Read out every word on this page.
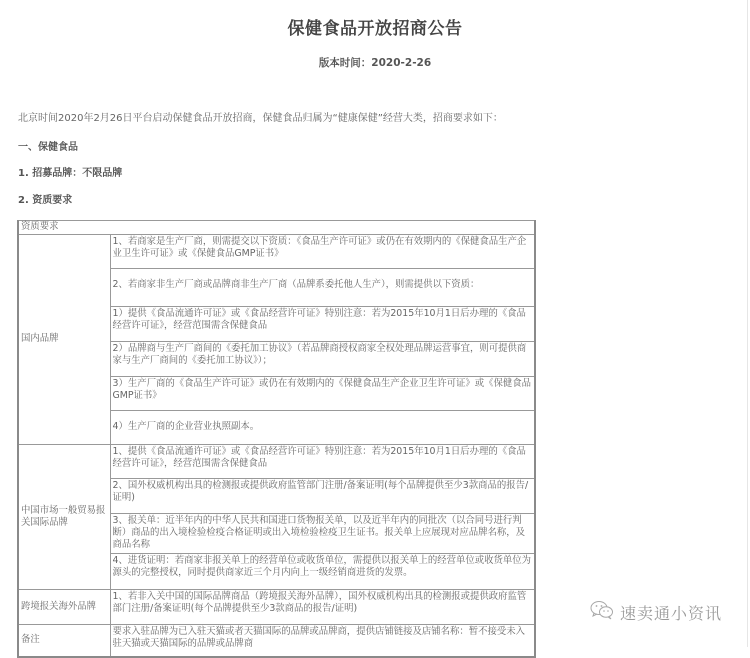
保健食品开放招商公告
版本时间：2020-2-26
北京时间2020年2月26日平台启动保健食品开放招商，保健食品归属为“健康保健”经营大类，招商要求如下：
一、保健食品
1. 招募品牌：不限品牌
2. 资质要求
资质要求	
国内品牌	1、若商家是生产厂商，则需提交以下资质：《食品生产许可证》或仍在有效期内的《保健食品生产企业卫生许可证》或《保健食品GMP证书》
	2、若商家非生产厂商或品牌商非生产厂商（品牌系委托他人生产），则需提供以下资质：
	1）提供《食品流通许可证》或《食品经营许可证》特别注意：若为2015年10月1日后办理的《食品经营许可证》，经营范围需含保健食品
	2）品牌商与生产厂商间的《委托加工协议》（若品牌商授权商家全权处理品牌运营事宜，则可提供商家与生产厂商间的《委托加工协议》）；
	3）生产厂商的《食品生产许可证》或仍在有效期内的《保健食品生产企业卫生许可证》或《保健食品GMP证书》
	4）生产厂商的企业营业执照副本。
中国市场一般贸易报关国际品牌	1、提供《食品流通许可证》或《食品经营许可证》特别注意：若为2015年10月1日后办理的《食品经营许可证》，经营范围需含保健食品
	2、国外权威机构出具的检测报或提供政府监管部门注册/备案证明(每个品牌提供至少3款商品的报告/证明)
	3、报关单：近半年内的中华人民共和国进口货物报关单，以及近半年内的同批次（以合同号进行判断）商品的出入境检验检疫合格证明或出入境检验检疫卫生证书。报关单上应展现对应品牌名称，及商品名称
	4、进货证明：若商家非报关单上的经营单位或收货单位，需提供以报关单上的经营单位或收货单位为源头的完整授权，同时提供商家近三个月内向上一级经销商进货的发票。
跨境报关海外品牌	1、若非入关中国的国际品牌商品（跨境报关海外品牌），国外权威机构出具的检测报或提供政府监管部门注册/备案证明(每个品牌提供至少3款商品的报告/证明)
备注	要求入驻品牌为已入驻天猫或者天猫国际的品牌或品牌商，提供店铺链接及店铺名称：暂不接受未入驻天猫或天猫国际的品牌或品牌商
速卖通小资讯
